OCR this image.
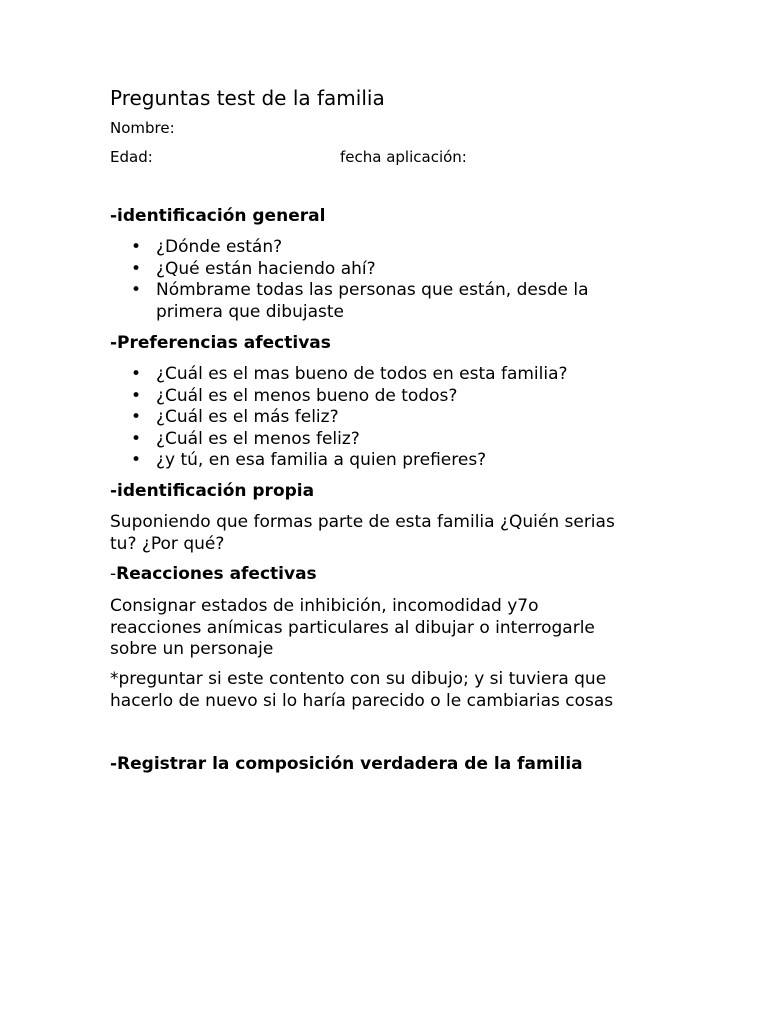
Preguntas test de la familia
Nombre:
Edad:	fecha aplicación:
-identificación general
• ¿Dónde están?
• ¿Qué están haciendo ahí?
• Nómbrame todas las personas que están, desde la
primera que dibujaste
-Preferencias afectivas
• ¿Cuál es el mas bueno de todos en esta familia?
• ¿Cuál es el menos bueno de todos?
• ¿Cuál es el más feliz?
• ¿Cuál es el menos feliz?
• ¿y tú, en esa familia a quien prefieres?
-identificación propia
Suponiendo que formas parte de esta familia ¿Quién serias
tu? ¿Por qué?
-Reacciones afectivas
Consignar estados de inhibición, incomodidad y7o
reacciones anímicas particulares al dibujar o interrogarle
sobre un personaje
*preguntar si este contento con su dibujo; y si tuviera que
hacerlo de nuevo si lo haría parecido o le cambiarias cosas
-Registrar la composición verdadera de la familia
